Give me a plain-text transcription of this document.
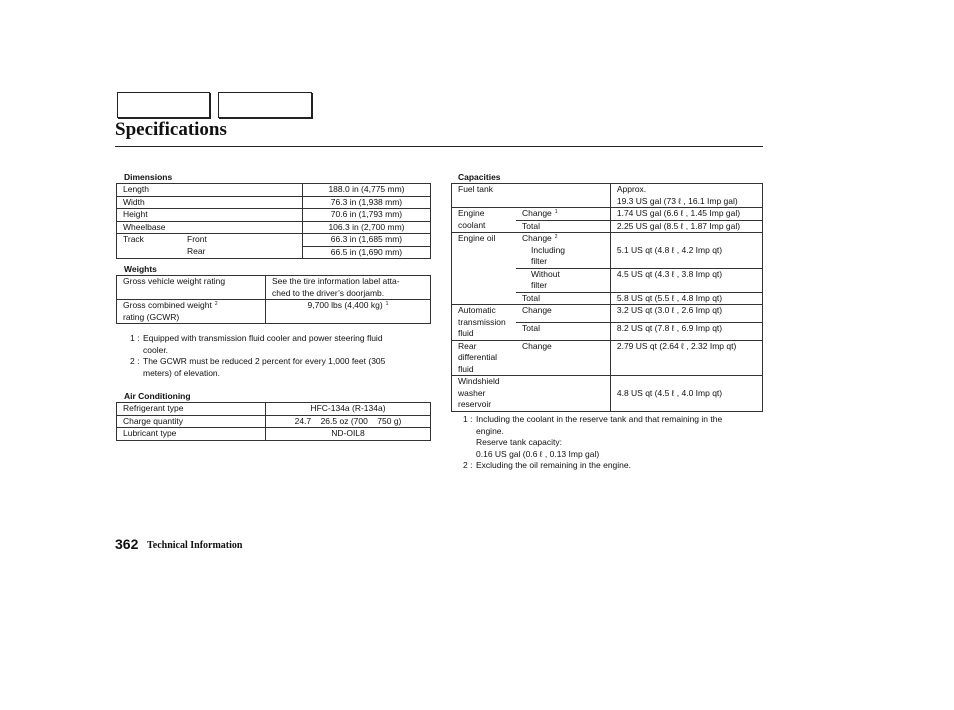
Specifications
Dimensions
Length		188.0 in (4,775 mm)
Width		76.3 in (1,938 mm)
Height		70.6 in (1,793 mm)
Wheelbase		106.3 in (2,700 mm)
Track	Front	66.3 in (1,685 mm)
	Rear	66.5 in (1,690 mm)
Weights
Gross vehicle weight rating	See the tire information label atta-
ched to the driver’s doorjamb.

Gross combined weight $^2$
rating (GCWR)	9,700 lbs (4,400 kg) $^1$
1 : Equipped with transmission fluid cooler and power steering fluid
cooler.
2 : The GCWR must be reduced 2 percent for every 1,000 feet (305
meters) of elevation.
Air Conditioning
Refrigerant type	HFC-134a (R-134a)
Charge quantity	24.7    26.5 oz (700    750 g)
Lubricant type	ND-OIL8
Capacities
Fuel tank		Approx.
19.3 US gal (73 ℓ , 16.1 Imp gal)

Engine
coolant	Change $^1$	1.74 US gal (6.6 ℓ , 1.45 Imp gal)
	Total	2.25 US gal (8.5 ℓ , 1.87 Imp gal)
Engine oil	Change $^2$
Including
filter	5.1 US qt (4.8 ℓ , 4.2 Imp qt)

	Without
filter	4.5 US qt (4.3 ℓ , 3.8 Imp qt)
	Total	5.8 US qt (5.5 ℓ , 4.8 Imp qt)

Automatic
transmission
fluid	Change	3.2 US qt (3.0 ℓ , 2.6 Imp qt)
	Total	8.2 US qt (7.8 ℓ , 6.9 Imp qt)

Rear
differential
fluid	Change	2.79 US qt (2.64 ℓ , 2.32 Imp qt)

Windshield
washer
reservoir		4.8 US qt (4.5 ℓ , 4.0 Imp qt)
1 : Including the coolant in the reserve tank and that remaining in the
engine.
Reserve tank capacity:
0.16 US gal (0.6 ℓ , 0.13 Imp gal)
2 : Excluding the oil remaining in the engine.
362 Technical Information
